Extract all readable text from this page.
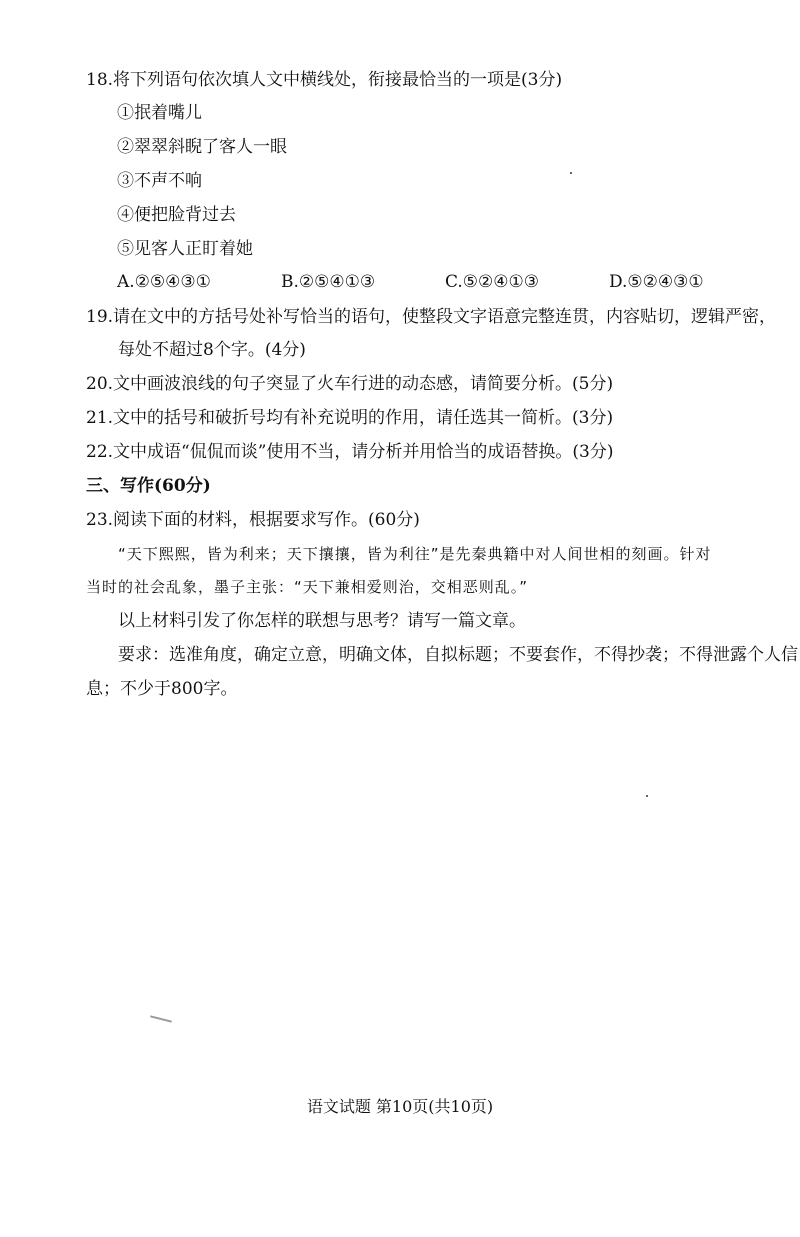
18.将下列语句依次填人文中横线处，衔接最恰当的一项是(3分)
①抿着嘴儿
②翠翠斜睨了客人一眼
③不声不响
④便把脸背过去
⑤见客人正盯着她
A.②⑤④③①	B.②⑤④①③	C.⑤②④①③	D.⑤②④③①
19.请在文中的方括号处补写恰当的语句，使整段文字语意完整连贯，内容贴切，逻辑严密，
每处不超过8个字。(4分)
20.文中画波浪线的句子突显了火车行进的动态感，请简要分析。(5分)
21.文中的括号和破折号均有补充说明的作用，请任选其一简析。(3分)
22.文中成语“侃侃而谈”使用不当，请分析并用恰当的成语替换。(3分)
三、写作(60分)
23.阅读下面的材料，根据要求写作。(60分)
“天下熙熙，皆为利来；天下攘攘，皆为利往”是先秦典籍中对人间世相的刻画。针对
当时的社会乱象，墨子主张：“天下兼相爱则治，交相恶则乱。”
以上材料引发了你怎样的联想与思考？请写一篇文章。
要求：选准角度，确定立意，明确文体，自拟标题；不要套作，不得抄袭；不得泄露个人信
息；不少于800字。
语文试题 第10页(共10页)
